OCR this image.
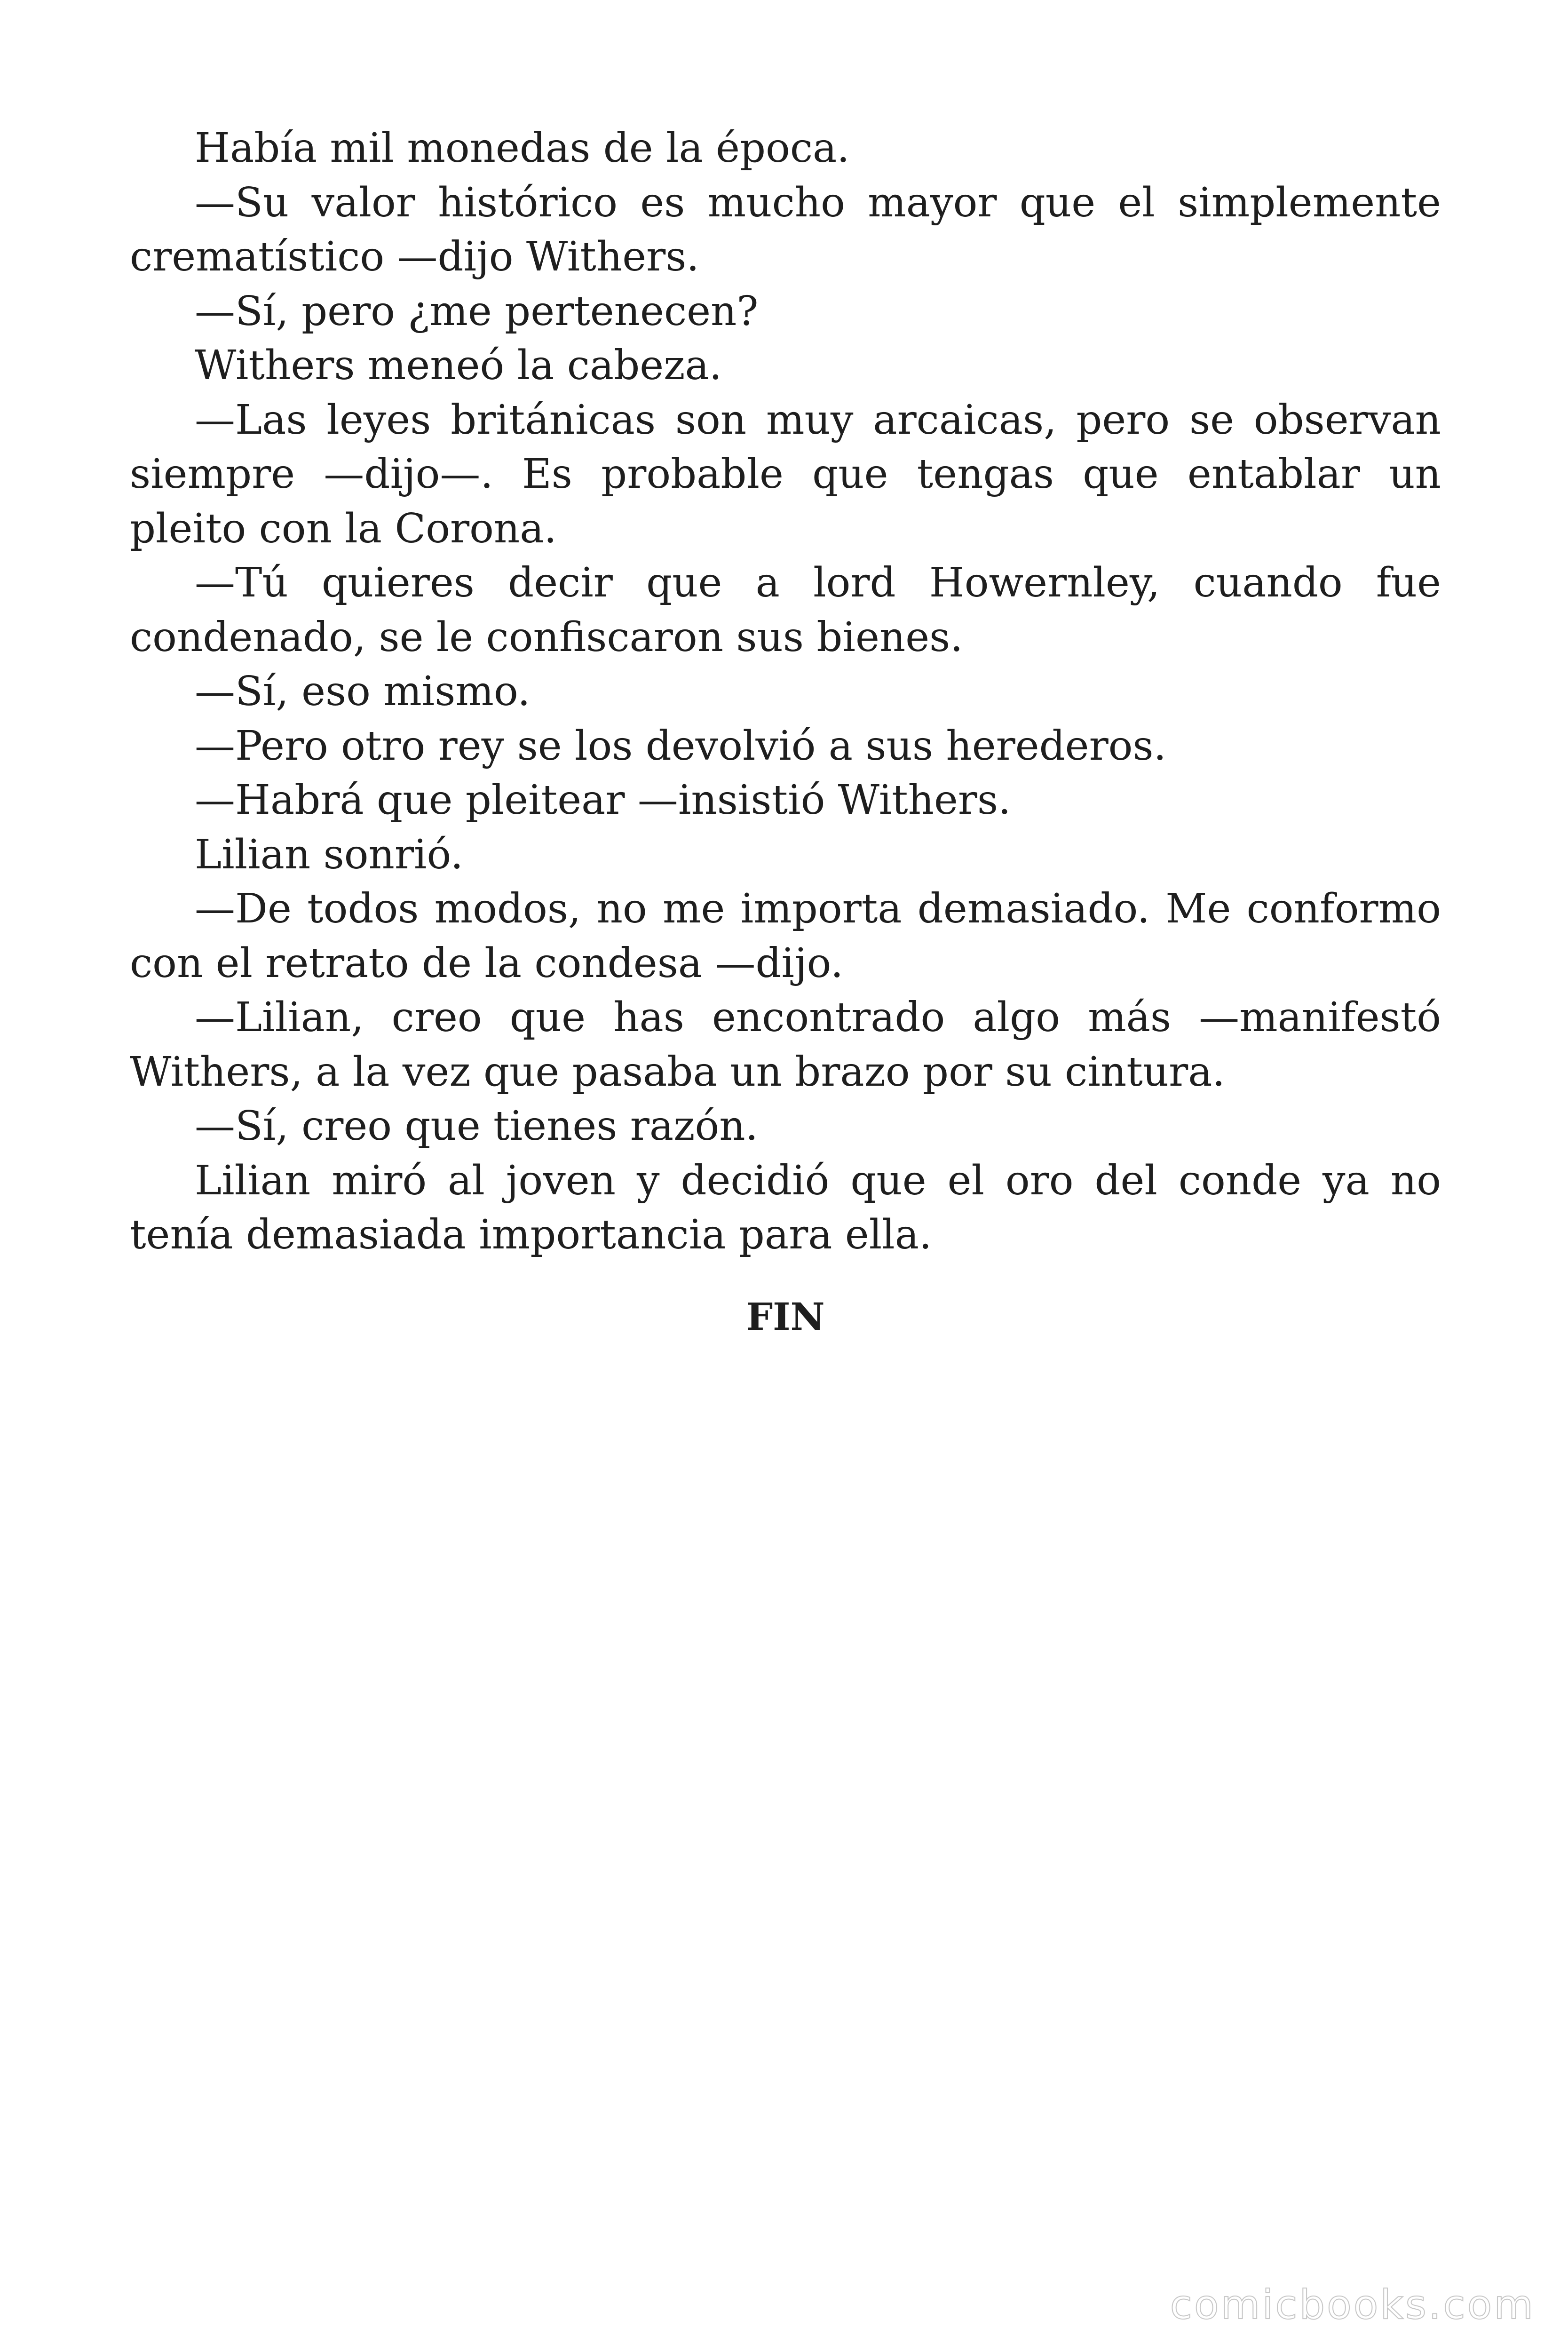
Había mil monedas de la época.

—Su valor histórico es mucho mayor que el simplemente crematístico —dijo Withers.

—Sí, pero ¿me pertenecen?

Withers meneó la cabeza.

—Las leyes británicas son muy arcaicas, pero se observan siempre —dijo—. Es probable que tengas que entablar un pleito con la Corona.

—Tú quieres decir que a lord Howernley, cuando fue condenado, se le confiscaron sus bienes.

—Sí, eso mismo.

—Pero otro rey se los devolvió a sus herederos.

—Habrá que pleitear —insistió Withers.

Lilian sonrió.

—De todos modos, no me importa demasiado. Me conformo con el retrato de la condesa —dijo.

—Lilian, creo que has encontrado algo más —manifestó Withers, a la vez que pasaba un brazo por su cintura.

—Sí, creo que tienes razón.

Lilian miró al joven y decidió que el oro del conde ya no tenía demasiada importancia para ella.

FIN

comicbooks.com
